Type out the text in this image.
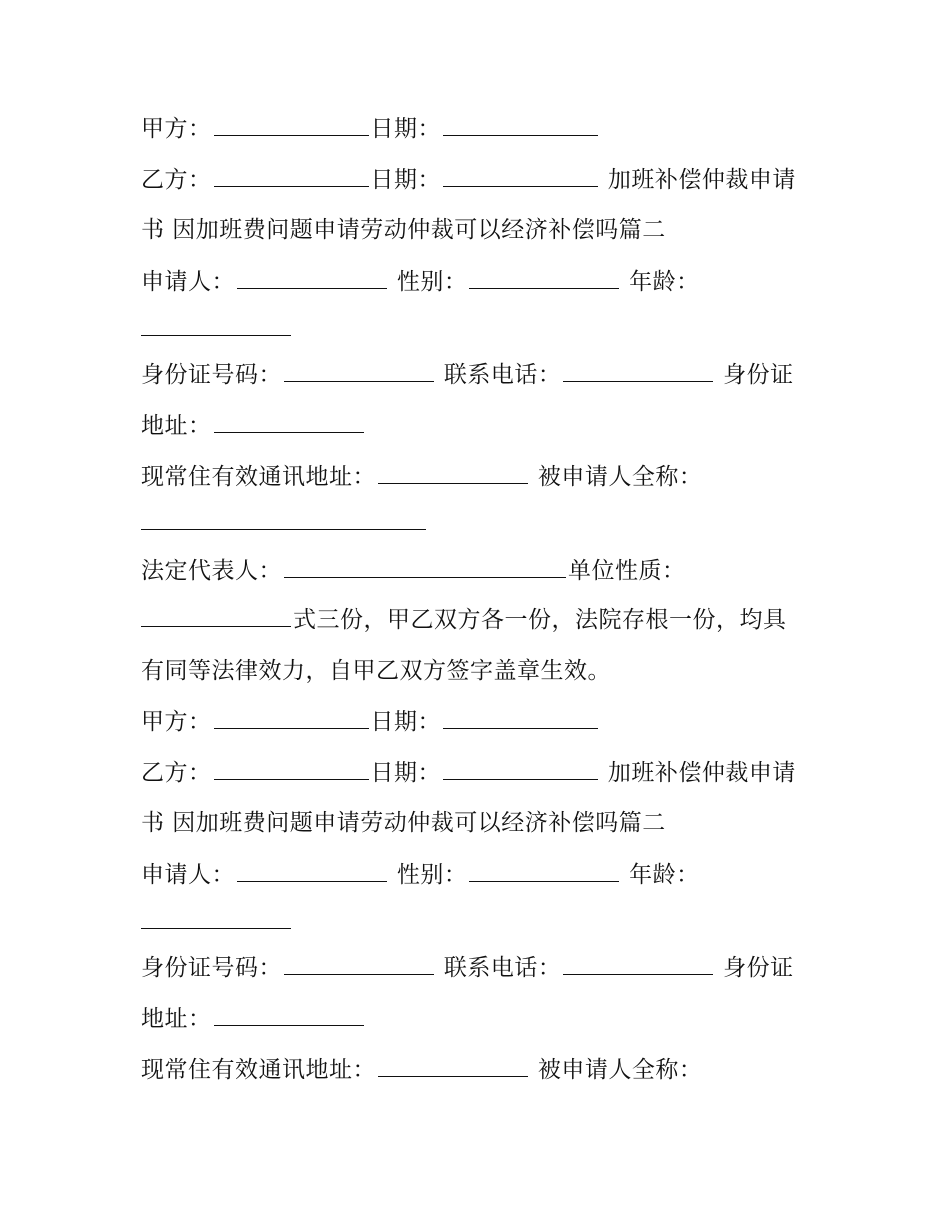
甲方：	日期：
乙方：	日期：	加班补偿仲裁申请
书 因加班费问题申请劳动仲裁可以经济补偿吗篇二
申请人：	性别：	年龄：
身份证号码：	联系电话：	身份证
地址：
现常住有效通讯地址：	被申请人全称：
法定代表人：	单位性质：
式三份，甲乙双方各一份，法院存根一份，均具
有同等法律效力，自甲乙双方签字盖章生效。
甲方：	日期：
乙方：	日期：	加班补偿仲裁申请
书 因加班费问题申请劳动仲裁可以经济补偿吗篇二
申请人：	性别：	年龄：
身份证号码：	联系电话：	身份证
地址：
现常住有效通讯地址：	被申请人全称：
